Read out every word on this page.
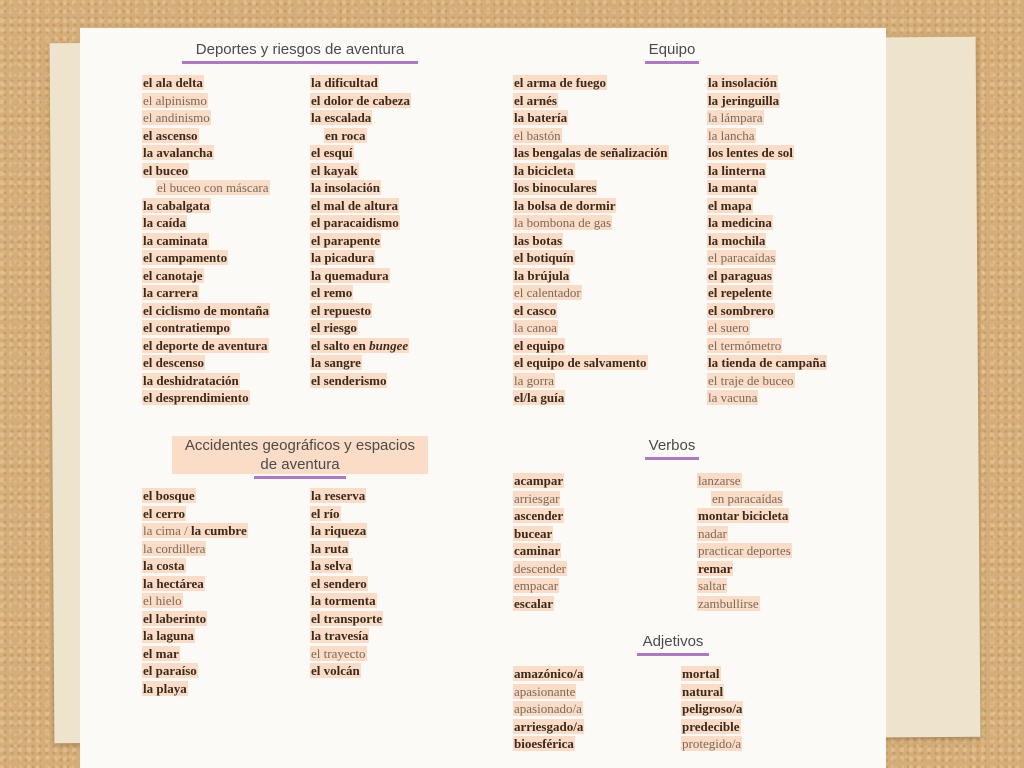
Deportes y riesgos de aventura
el ala delta
el alpinismo
el andinismo
el ascenso
la avalancha
el buceo
el buceo con máscara
la cabalgata
la caída
la caminata
el campamento
el canotaje
la carrera
el ciclismo de montaña
el contratiempo
el deporte de aventura
el descenso
la deshidratación
el desprendimiento
la dificultad
el dolor de cabeza
la escalada
en roca
el esquí
el kayak
la insolación
el mal de altura
el paracaidismo
el parapente
la picadura
la quemadura
el remo
el repuesto
el riesgo
el salto en bungee
la sangre
el senderismo
Equipo
el arma de fuego
el arnés
la batería
el bastón
las bengalas de señalización
la bicicleta
los binoculares
la bolsa de dormir
la bombona de gas
las botas
el botiquín
la brújula
el calentador
el casco
la canoa
el equipo
el equipo de salvamento
la gorra
el/la guía
la insolación
la jeringuilla
la lámpara
la lancha
los lentes de sol
la linterna
la manta
el mapa
la medicina
la mochila
el paracaídas
el paraguas
el repelente
el sombrero
el suero
el termómetro
la tienda de campaña
el traje de buceo
la vacuna
Accidentes geográficos y espacios
de aventura
el bosque
el cerro
la cima / la cumbre
la cordillera
la costa
la hectárea
el hielo
el laberinto
la laguna
el mar
el paraíso
la playa
la reserva
el río
la riqueza
la ruta
la selva
el sendero
la tormenta
el transporte
la travesía
el trayecto
el volcán
Verbos
acampar
arriesgar
ascender
bucear
caminar
descender
empacar
escalar
lanzarse
en paracaídas
montar bicicleta
nadar
practicar deportes
remar
saltar
zambullirse
Adjetivos
amazónico/a
apasionante
apasionado/a
arriesgado/a
bioesférica
mortal
natural
peligroso/a
predecible
protegido/a
